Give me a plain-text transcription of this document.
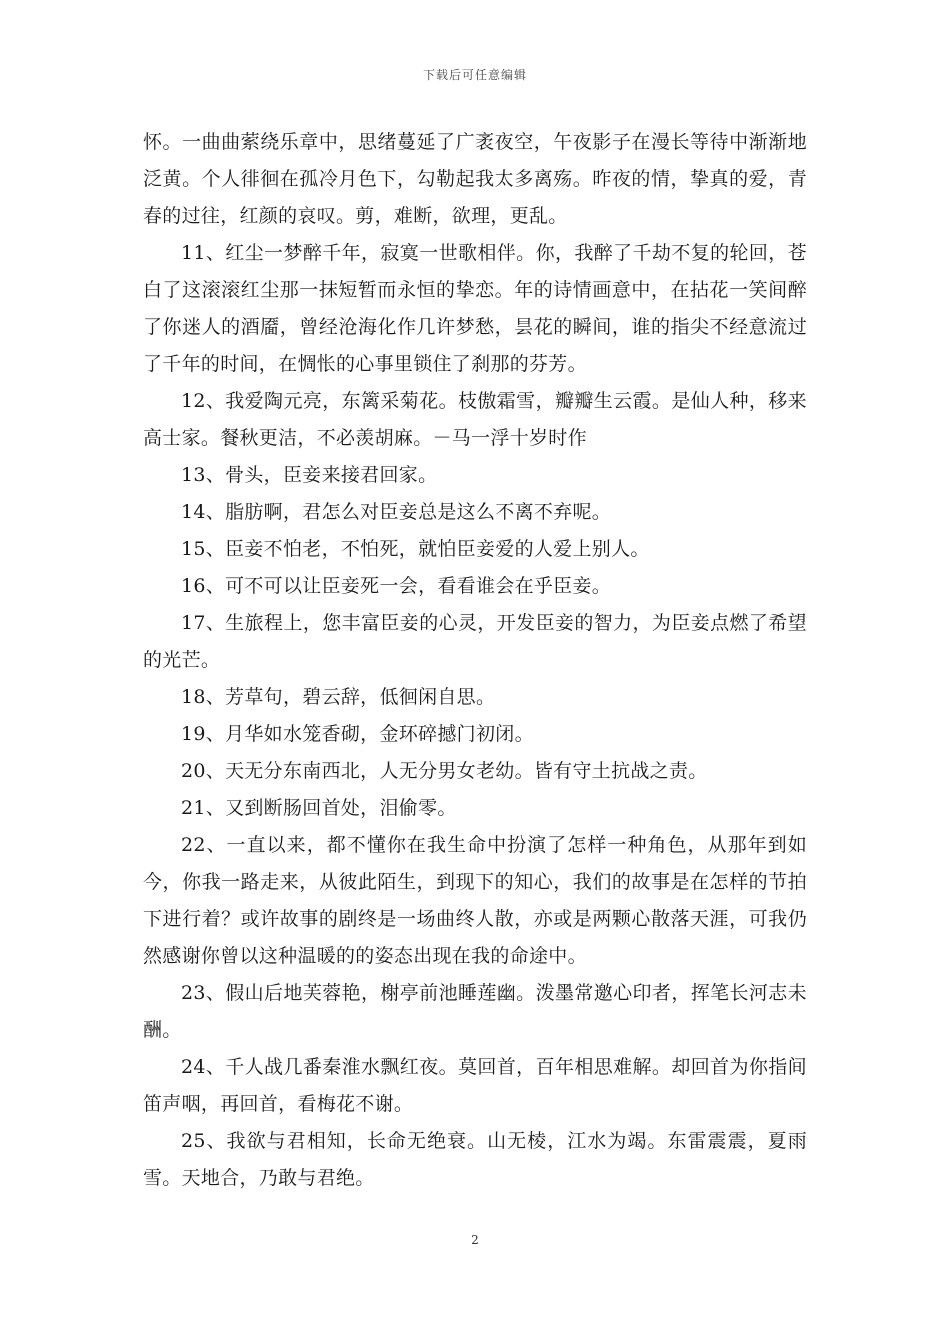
下载后可任意编辑

怀。一曲曲萦绕乐章中，思绪蔓延了广袤夜空，午夜影子在漫长等待中渐渐地泛黄。个人徘徊在孤冷月色下，勾勒起我太多离殇。昨夜的情，挚真的爱，青春的过往，红颜的哀叹。剪，难断，欲理，更乱。

11、红尘一梦醉千年，寂寞一世歌相伴。你，我醉了千劫不复的轮回，苍白了这滚滚红尘那一抹短暂而永恒的挚恋。年的诗情画意中，在拈花一笑间醉了你迷人的酒靥，曾经沧海化作几许梦愁，昙花的瞬间，谁的指尖不经意流过了千年的时间，在惆怅的心事里锁住了刹那的芬芳。

12、我爱陶元亮，东篱采菊花。枝傲霜雪，瓣瓣生云霞。是仙人种，移来高士家。餐秋更洁，不必羡胡麻。－马一浮十岁时作

13、骨头，臣妾来接君回家。

14、脂肪啊，君怎么对臣妾总是这么不离不弃呢。

15、臣妾不怕老，不怕死，就怕臣妾爱的人爱上别人。

16、可不可以让臣妾死一会，看看谁会在乎臣妾。

17、生旅程上，您丰富臣妾的心灵，开发臣妾的智力，为臣妾点燃了希望的光芒。

18、芳草句，碧云辞，低徊闲自思。

19、月华如水笼香砌，金环碎撼门初闭。

20、天无分东南西北，人无分男女老幼。皆有守土抗战之责。

21、又到断肠回首处，泪偷零。

22、一直以来，都不懂你在我生命中扮演了怎样一种角色，从那年到如今，你我一路走来，从彼此陌生，到现下的知心，我们的故事是在怎样的节拍下进行着？或许故事的剧终是一场曲终人散，亦或是两颗心散落天涯，可我仍然感谢你曾以这种温暖的的姿态出现在我的命途中。

23、假山后地芙蓉艳，榭亭前池睡莲幽。泼墨常邀心印者，挥笔长河志未酬。

24、千人战几番秦淮水飘红夜。莫回首，百年相思难解。却回首为你指间笛声咽，再回首，看梅花不谢。

25、我欲与君相知，长命无绝衰。山无棱，江水为竭。东雷震震，夏雨雪。天地合，乃敢与君绝。

2
